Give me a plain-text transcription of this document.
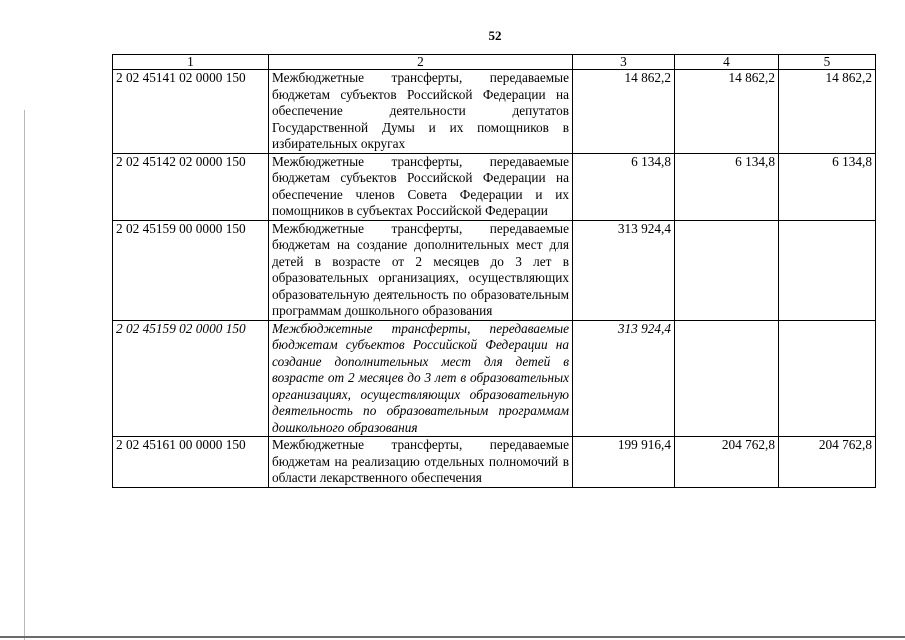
52
1	2	3	4	5
2 02 45141 02 0000 150	Межбюджетные трансферты, передаваемые бюджетам субъектов Российской Федерации на обеспечение деятельности депутатов Государственной Думы и их помощников в избирательных округах	14 862,2	14 862,2	14 862,2
2 02 45142 02 0000 150	Межбюджетные трансферты, передаваемые бюджетам субъектов Российской Федерации на обеспечение членов Совета Федерации и их помощников в субъектах Российской Федерации	6 134,8	6 134,8	6 134,8
2 02 45159 00 0000 150	Межбюджетные трансферты, передаваемые бюджетам на создание дополнительных мест для детей в возрасте от 2 месяцев до 3 лет в образовательных организациях, осуществляющих образовательную деятельность по образовательным программам дошкольного образования	313 924,4		
2 02 45159 02 0000 150	Межбюджетные трансферты, передаваемые бюджетам субъектов Российской Федерации на создание дополнительных мест для детей в возрасте от 2 месяцев до 3 лет в образовательных организациях, осуществляющих образовательную деятельность по образовательным программам дошкольного образования	313 924,4		
2 02 45161 00 0000 150	Межбюджетные трансферты, передаваемые бюджетам на реализацию отдельных полномочий в области лекарственного обеспечения	199 916,4	204 762,8	204 762,8
